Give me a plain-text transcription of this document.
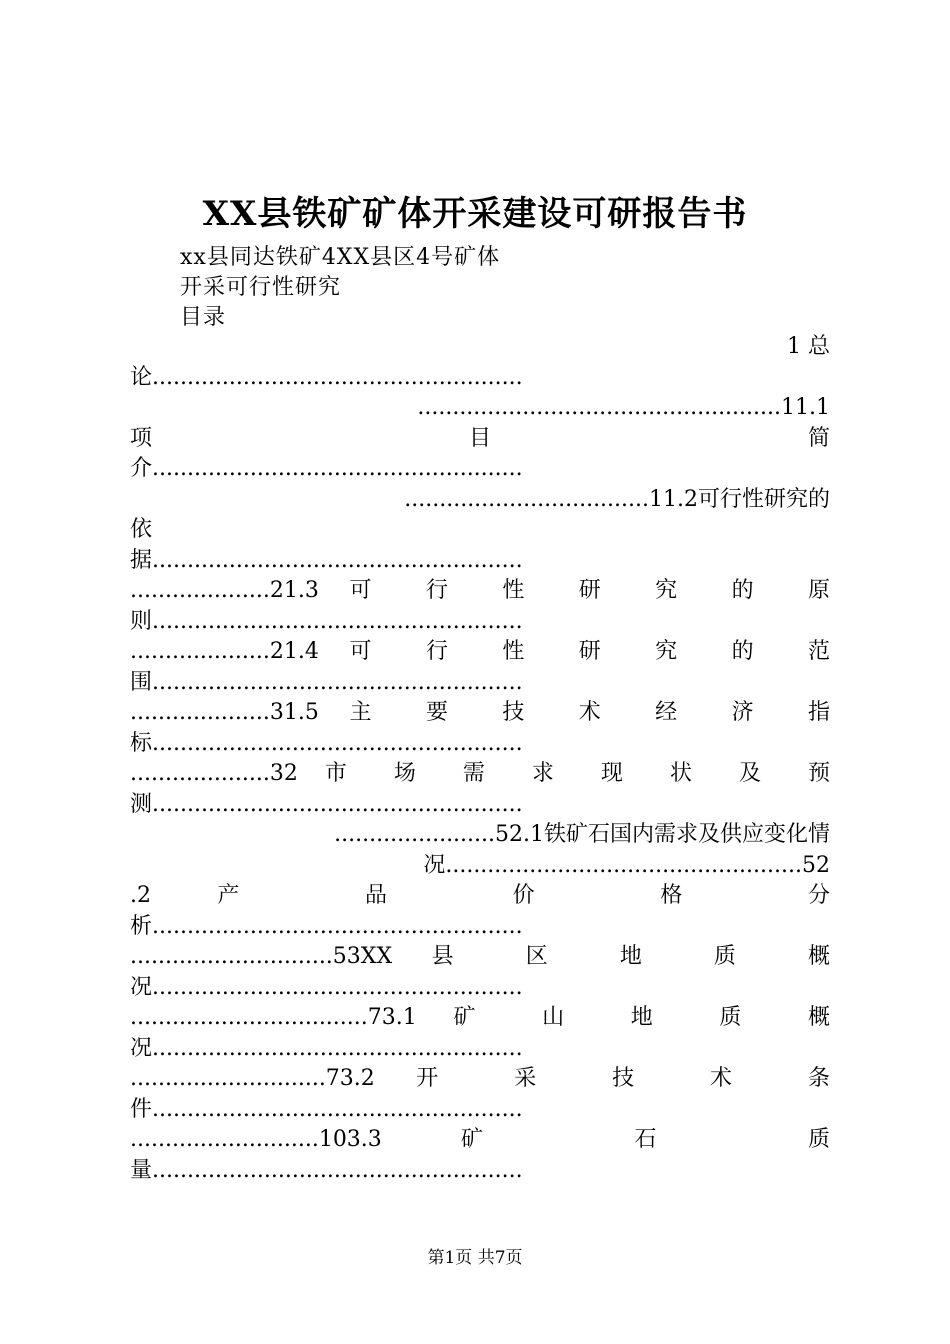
XX县铁矿矿体开采建设可研报告书
xx县同达铁矿4XX县区4号矿体
开采可行性研究
目录
1 总
论.....................................................
....................................................11.1
项 目 简
介.....................................................
...................................11.2可行性研究的
依
据.....................................................
....................21.3 可 行 性 研 究 的 原
则.....................................................
....................21.4 可 行 性 研 究 的 范
围.....................................................
....................31.5 主 要 技 术 经 济 指
标.....................................................
....................32 市 场 需 求 现 状 及 预
测.....................................................
.......................52.1铁矿石国内需求及供应变化情
况...................................................52
.2 产 品 价 格 分
析.....................................................
.............................53XX 县 区 地 质 概
况.....................................................
..................................73.1 矿 山 地 质 概
况.....................................................
............................73.2 开 采 技 术 条
件.....................................................
...........................103.3 矿 石 质
量.....................................................
第1页 共7页
